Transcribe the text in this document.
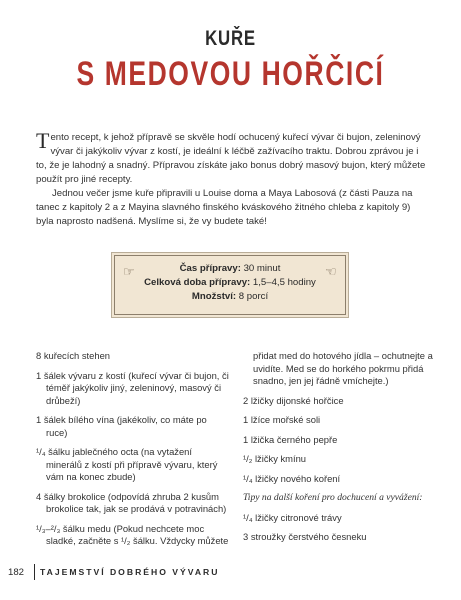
KUŘE
S MEDOVOU HOŘČICÍ

Tento recept, k jehož přípravě se skvěle hodí ochucený kuřecí vývar či bujon, zeleninový vývar či jakýkoliv vývar z kostí, je ideální k léčbě zažívacího traktu. Dobrou zprávou je i to, že je lahodný a snadný. Přípravou získáte jako bonus dobrý masový bujon, který můžete použít pro jiné recepty.

Jednou večer jsme kuře připravili u Louise doma a Maya Labosová (z části Pauza na tanec z kapitoly 2 a z Mayina slavného finského kváskového žitného chleba z kapitoly 9) byla naprosto nadšená. Myslíme si, že vy budete také!

☞	☞
Čas přípravy: 30 minut
Celková doba přípravy: 1,5–4,5 hodiny
Množství: 8 porcí
8 kuřecích stehen
1 šálek vývaru z kostí (kuřecí vývar či bujon, či téměř jakýkoliv jiný, zeleninový, masový či drůbeží)
1 šálek bílého vína (jakékoliv, co máte po ruce)
¹/₄ šálku jablečného octa (na vytažení minerálů z kostí při přípravě vývaru, který vám na konec zbude)
4 šálky brokolice (odpovídá zhruba 2 kusům brokolice tak, jak se prodává v potravinách)
¹/₃–²/₃ šálku medu (Pokud nechcete moc sladké, začněte s ¹/₂ šálku. Vždycky můžete
přidat med do hotového jídla – ochutnejte a uvidíte. Med se do horkého pokrmu přidá snadno, jen jej řádně vmíchejte.)
2 lžičky dijonské hořčice
1 lžíce mořské soli
1 lžička černého pepře
¹/₂ lžičky kmínu
¹/₄ lžičky nového koření
Tipy na další koření pro dochucení a vyvážení:
¹/₄ lžičky citronové trávy
3 stroužky čerstvého česneku
182 TAJEMSTVÍ DOBRÉHO VÝVARU
